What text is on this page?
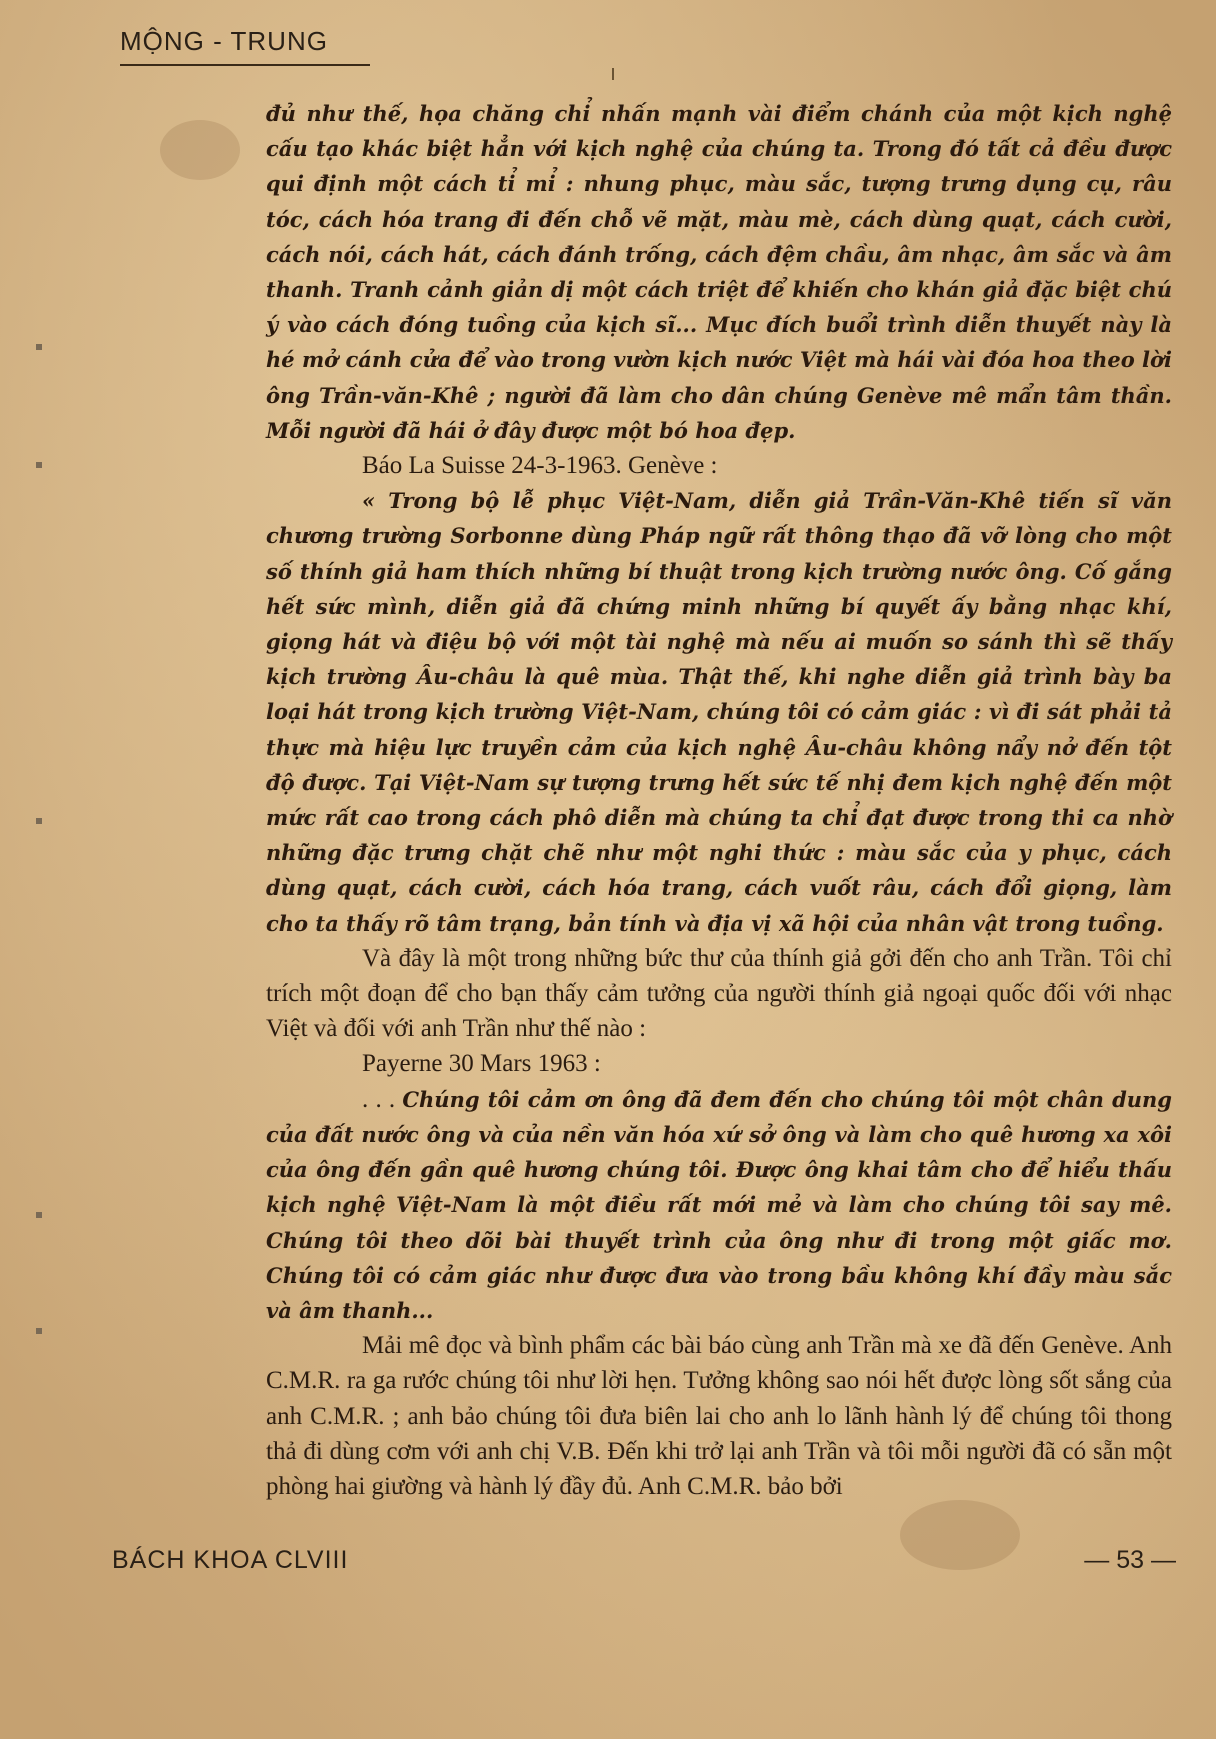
MỘNG - TRUNG

đủ như thế, họa chăng chỉ nhấn mạnh vài điểm chánh của một kịch nghệ cấu tạo khác biệt hẳn với kịch nghệ của chúng ta. Trong đó tất cả đều được qui định một cách tỉ mỉ : nhung phục, màu sắc, tượng trưng dụng cụ, râu tóc, cách hóa trang đi đến chỗ vẽ mặt, màu mè, cách dùng quạt, cách cười, cách nói, cách hát, cách đánh trống, cách đệm chầu, âm nhạc, âm sắc và âm thanh. Tranh cảnh giản dị một cách triệt để khiến cho khán giả đặc biệt chú ý vào cách đóng tuồng của kịch sĩ... Mục đích buổi trình diễn thuyết này là hé mở cánh cửa để vào trong vườn kịch nước Việt mà hái vài đóa hoa theo lời ông Trần-văn-Khê ; người đã làm cho dân chúng Genève mê mẩn tâm thần. Mỗi người đã hái ở đây được một bó hoa đẹp.

Báo La Suisse 24-3-1963. Genève :

« Trong bộ lễ phục Việt-Nam, diễn giả Trần-Văn-Khê tiến sĩ văn chương trường Sorbonne dùng Pháp ngữ rất thông thạo đã vỡ lòng cho một số thính giả ham thích những bí thuật trong kịch trường nước ông. Cố gắng hết sức mình, diễn giả đã chứng minh những bí quyết ấy bằng nhạc khí, giọng hát và điệu bộ với một tài nghệ mà nếu ai muốn so sánh thì sẽ thấy kịch trường Âu-châu là quê mùa. Thật thế, khi nghe diễn giả trình bày ba loại hát trong kịch trường Việt-Nam, chúng tôi có cảm giác : vì đi sát phải tả thực mà hiệu lực truyền cảm của kịch nghệ Âu-châu không nẩy nở đến tột độ được. Tại Việt-Nam sự tượng trưng hết sức tế nhị đem kịch nghệ đến một mức rất cao trong cách phô diễn mà chúng ta chỉ đạt được trong thi ca nhờ những đặc trưng chặt chẽ như một nghi thức : màu sắc của y phục, cách dùng quạt, cách cười, cách hóa trang, cách vuốt râu, cách đổi giọng, làm cho ta thấy rõ tâm trạng, bản tính và địa vị xã hội của nhân vật trong tuồng.

Và đây là một trong những bức thư của thính giả gởi đến cho anh Trần. Tôi chỉ trích một đoạn để cho bạn thấy cảm tưởng của người thính giả ngoại quốc đối với nhạc Việt và đối với anh Trần như thế nào :

Payerne 30 Mars 1963 :

. . . Chúng tôi cảm ơn ông đã đem đến cho chúng tôi một chân dung của đất nước ông và của nền văn hóa xứ sở ông và làm cho quê hương xa xôi của ông đến gần quê hương chúng tôi. Được ông khai tâm cho để hiểu thấu kịch nghệ Việt-Nam là một điều rất mới mẻ và làm cho chúng tôi say mê. Chúng tôi theo dõi bài thuyết trình của ông như đi trong một giấc mơ. Chúng tôi có cảm giác như được đưa vào trong bầu không khí đầy màu sắc và âm thanh...

Mải mê đọc và bình phẩm các bài báo cùng anh Trần mà xe đã đến Genève. Anh C.M.R. ra ga rước chúng tôi như lời hẹn. Tưởng không sao nói hết được lòng sốt sắng của anh C.M.R. ; anh bảo chúng tôi đưa biên lai cho anh lo lãnh hành lý để chúng tôi thong thả đi dùng cơm với anh chị V.B. Đến khi trở lại anh Trần và tôi mỗi người đã có sẵn một phòng hai giường và hành lý đầy đủ. Anh C.M.R. bảo bởi

BÁCH KHOA CLVIII	— 53 —
